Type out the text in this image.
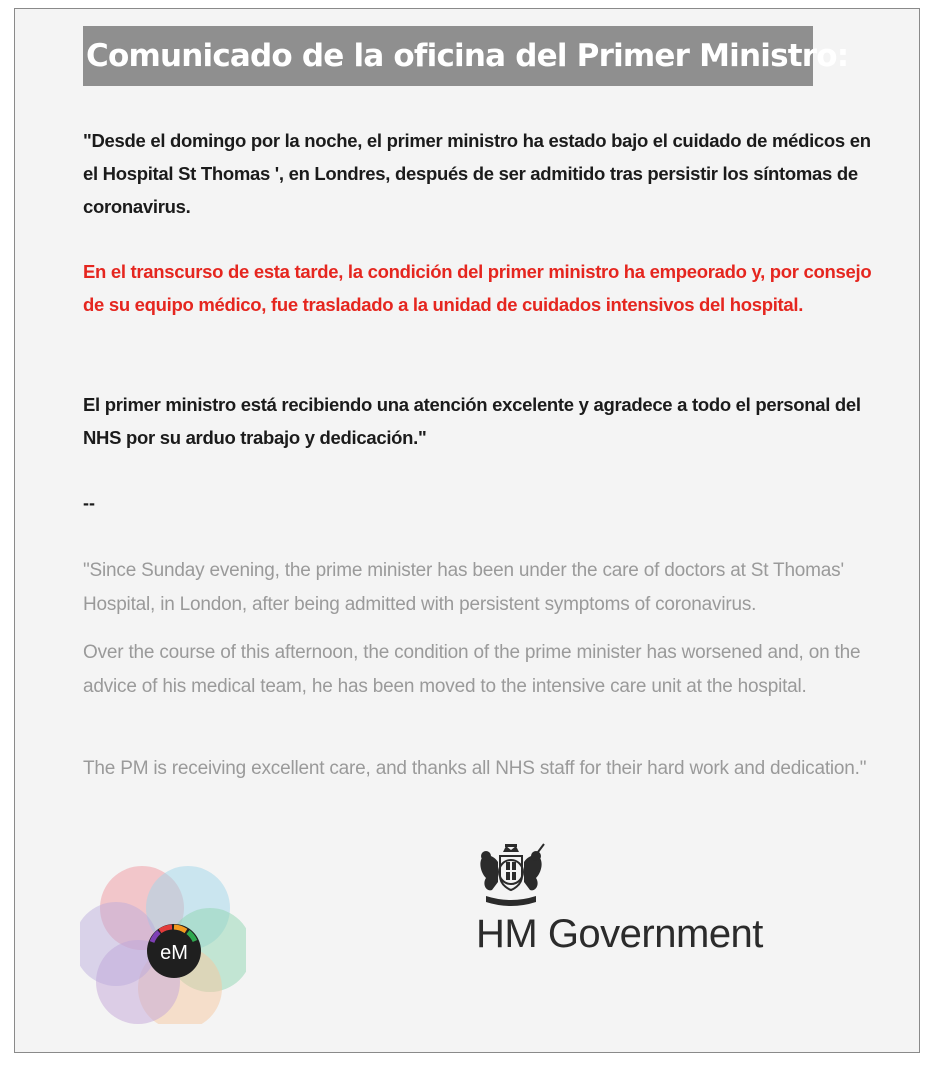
Comunicado de la oficina del Primer Ministro:

"Desde el domingo por la noche, el primer ministro ha estado bajo el cuidado de médicos en el Hospital St Thomas ', en Londres, después de ser admitido tras persistir los síntomas de coronavirus.

En el transcurso de esta tarde, la condición del primer ministro ha empeorado y, por consejo de su equipo médico, fue trasladado a la unidad de cuidados intensivos del hospital.

El primer ministro está recibiendo una atención excelente y agradece a todo el personal del NHS por su arduo trabajo y dedicación."

--

"Since Sunday evening, the prime minister has been under the care of doctors at St Thomas' Hospital, in London, after being admitted with persistent symptoms of coronavirus.

Over the course of this afternoon, the condition of the prime minister has worsened and, on the advice of his medical team, he has been moved to the intensive care unit at the hospital.

The PM is receiving excellent care, and thanks all NHS staff for their hard work and dedication."

eM	HM Government
